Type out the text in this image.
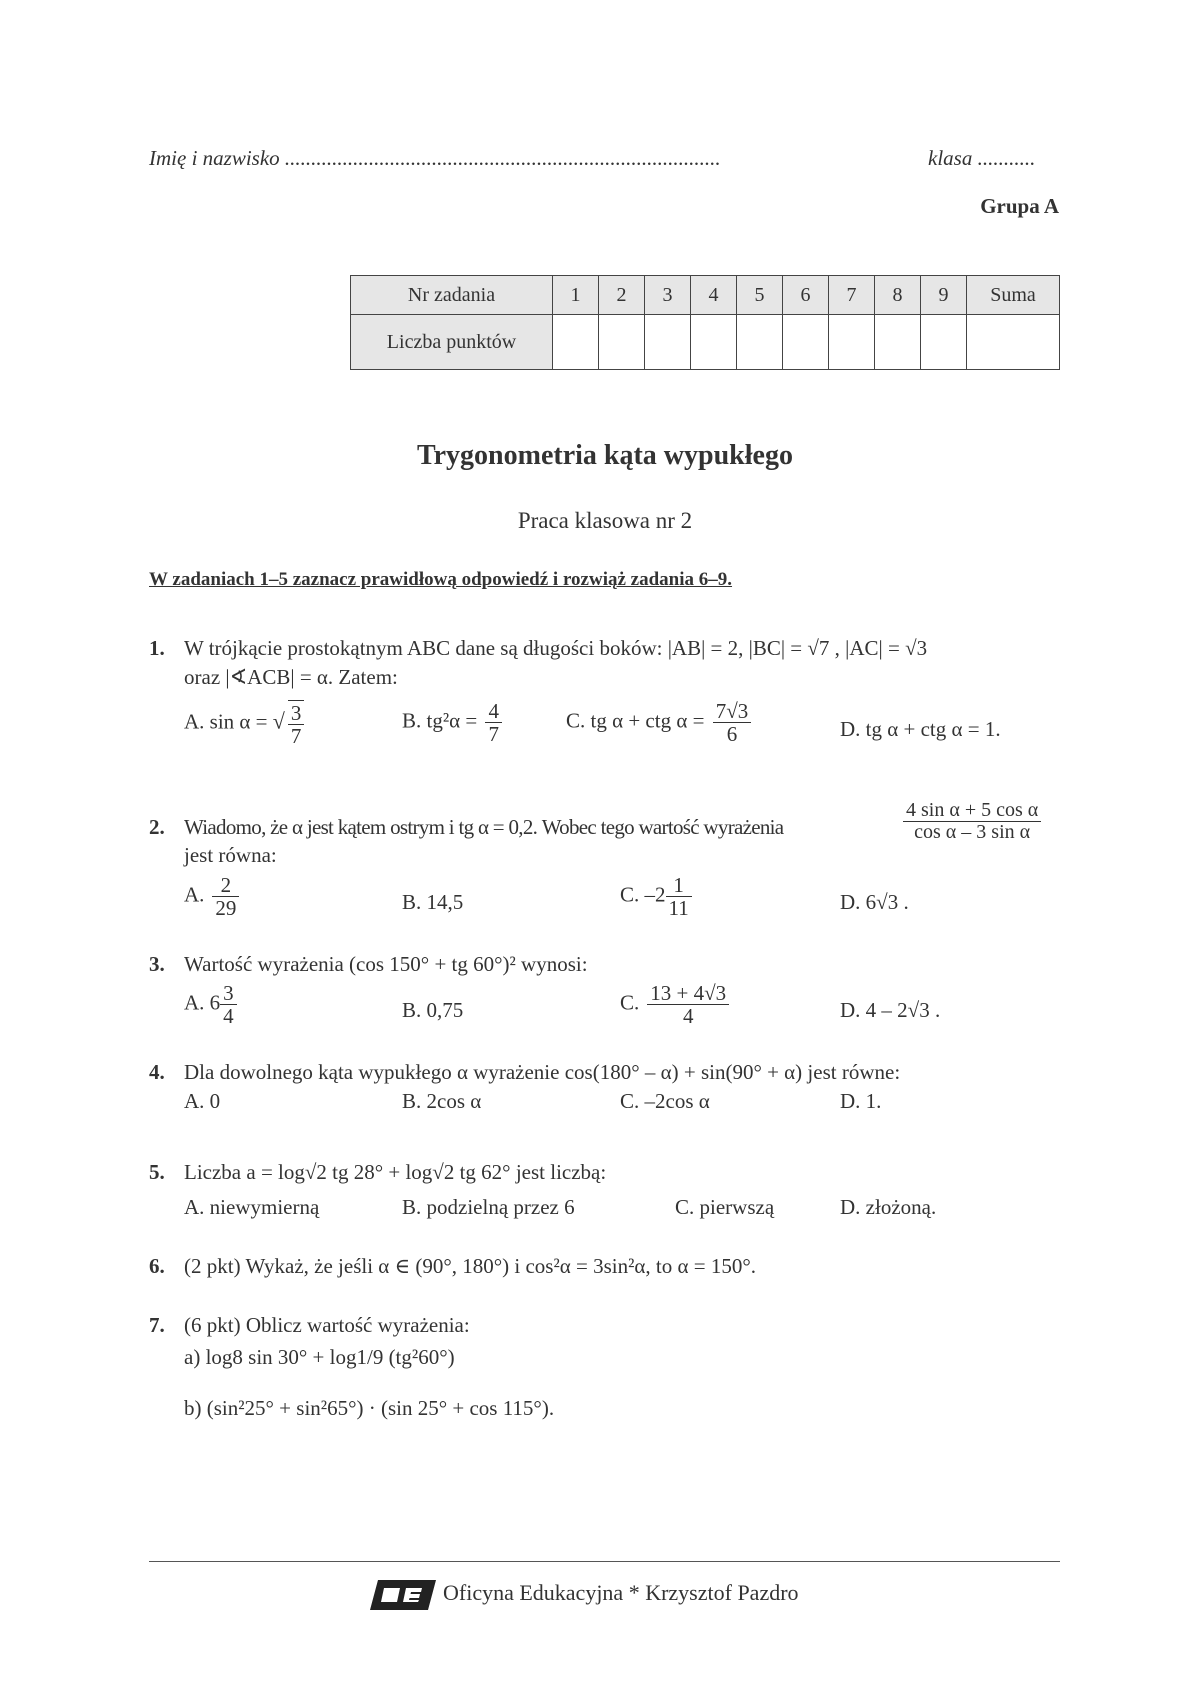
Imię i nazwisko ...................................................................................	klasa ...........
Grupa A
Nr zadania	1	2	3	4	5	6	7	8	9	Suma
Liczba punktów										
Trygonometria kąta wypukłego
Praca klasowa nr 2
W zadaniach 1–5 zaznacz prawidłową odpowiedź i rozwiąż zadania 6–9.
1. W trójkącie prostokątnym ABC dane są długości boków: |AB| = 2, |BC| = √7 , |AC| = √3
oraz |∢ACB| = α. Zatem:
A. sin α = √ $\frac{3}{7}$	B. $tg^2\alpha = \frac{4}{7}$	C. tg α + ctg $\alpha = \frac{7√3}{6}$	D. tg α + ctg α = 1.
2. Wiadomo, że α jest kątem ostrym i tg α = 0,2. Wobec tego wartość wyrażenia	$\frac{\text{4 sin α + 5 cos α}}{\text{cos α – 3 sin α}}$
jest równa:
A. $\frac{2}{29}$	B. 14,5	C. $-2 \frac{1}{11}$	D. 6√3 .
3. Wartość wyrażenia (cos 150° + tg 60°)² wynosi:
A. $6 \frac{3}{4}$	B. 0,75	C. $\frac{13 + 4√3}{4}$	D. 4 – 2√3 .
4. Dla dowolnego kąta wypukłego α wyrażenie cos(180° – α) + sin(90° + α) jest równe:
A. 0	B. 2cos α	C. –2cos α	D. 1.
5. Liczba a = log√2 tg 28° + log√2 tg 62° jest liczbą:
A. niewymierną	B. podzielną przez 6	C. pierwszą	D. złożoną.
6. (2 pkt) Wykaż, że jeśli α ∈ (90°, 180°) i cos²α = 3sin²α, to α = 150°.
7. (6 pkt) Oblicz wartość wyrażenia:
a) log8 sin 30° + log1/9 (tg²60°)
b) (sin²25° + sin²65°) · (sin 25° + cos 115°).
Oficyna Edukacyjna * Krzysztof Pazdro
